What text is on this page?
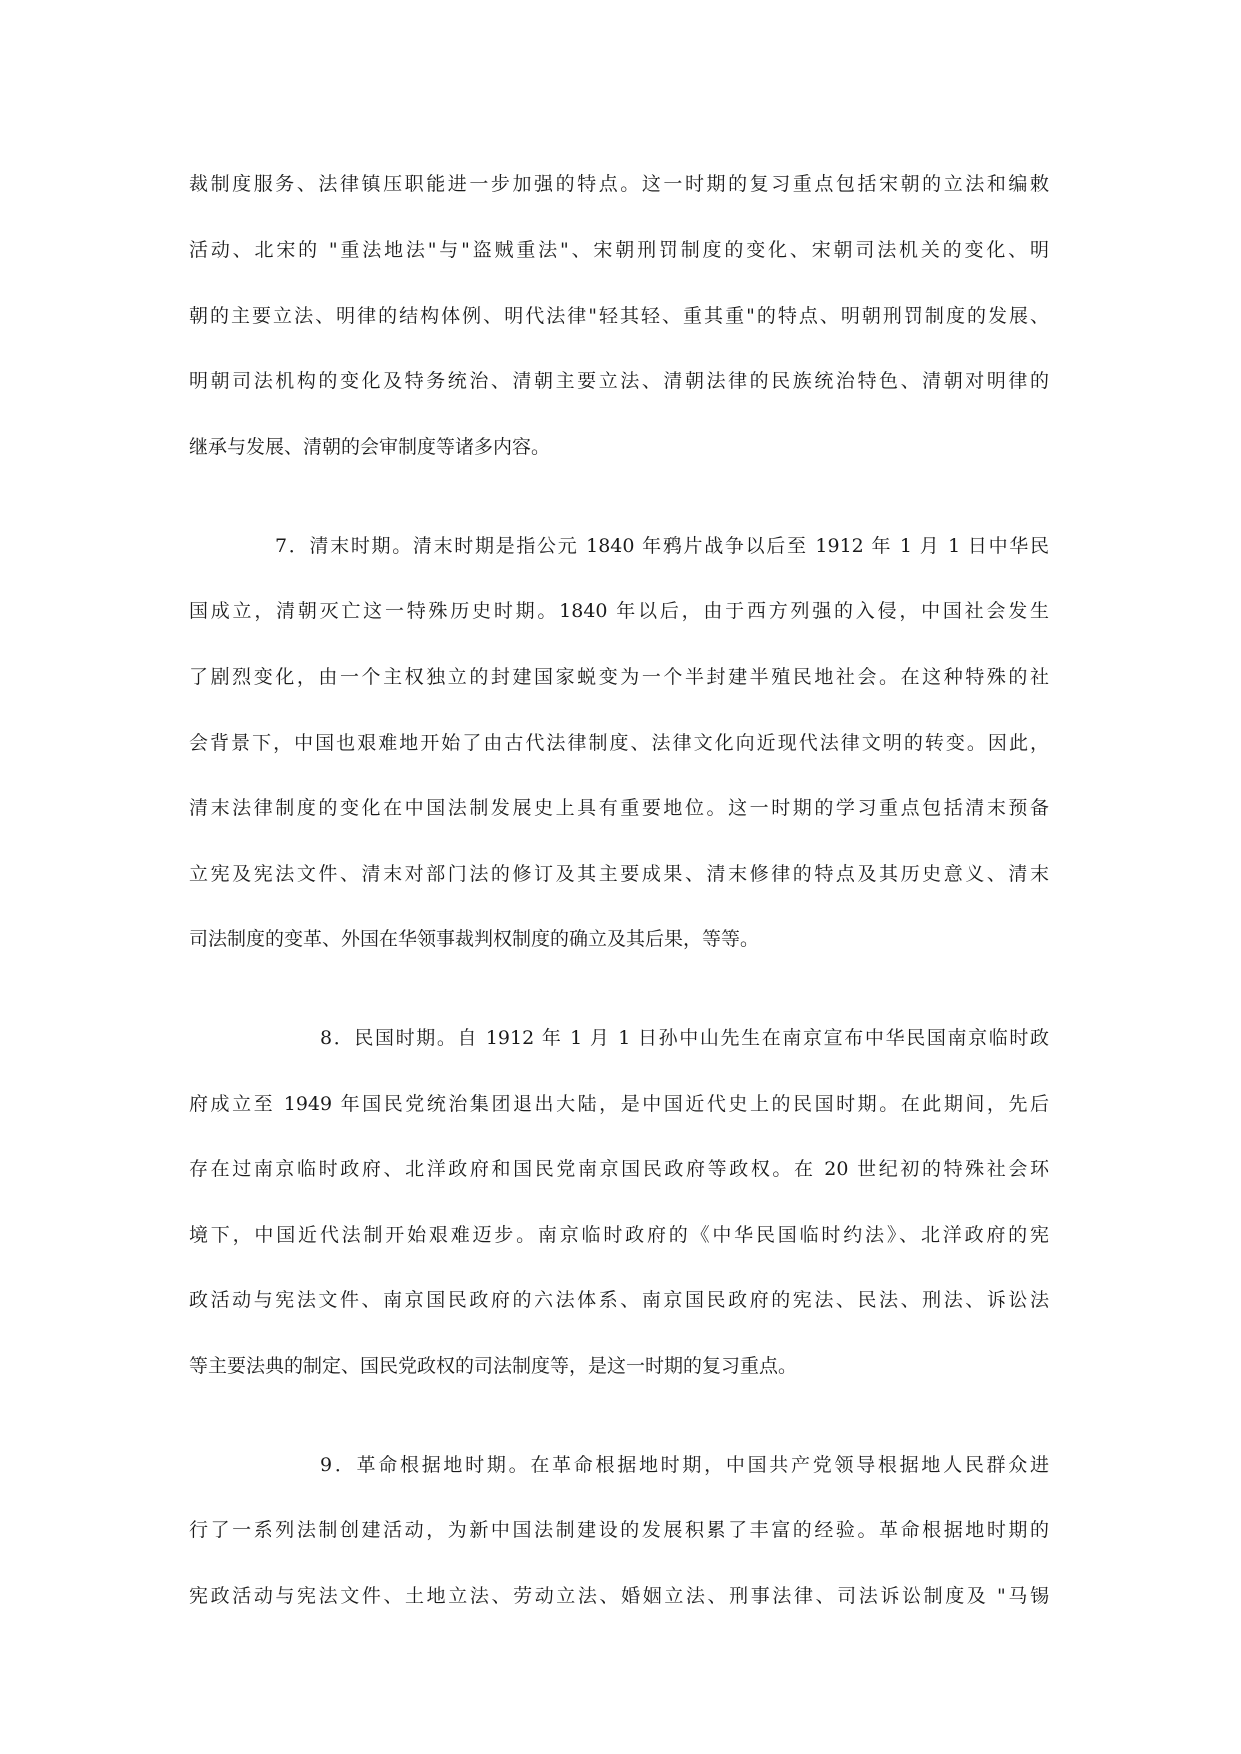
裁制度服务、法律镇压职能进一步加强的特点。这一时期的复习重点包括宋朝的立法和编敕
活动、北宋的 "重法地法"与"盗贼重法"、宋朝刑罚制度的变化、宋朝司法机关的变化、明
朝的主要立法、明律的结构体例、明代法律"轻其轻、重其重"的特点、明朝刑罚制度的发展、
明朝司法机构的变化及特务统治、清朝主要立法、清朝法律的民族统治特色、清朝对明律的
继承与发展、清朝的会审制度等诸多内容。
7．清末时期。清末时期是指公元 1840 年鸦片战争以后至 1912 年 1 月 1 日中华民
国成立，清朝灭亡这一特殊历史时期。1840 年以后，由于西方列强的入侵，中国社会发生
了剧烈变化，由一个主权独立的封建国家蜕变为一个半封建半殖民地社会。在这种特殊的社
会背景下，中国也艰难地开始了由古代法律制度、法律文化向近现代法律文明的转变。因此，
清末法律制度的变化在中国法制发展史上具有重要地位。这一时期的学习重点包括清末预备
立宪及宪法文件、清末对部门法的修订及其主要成果、清末修律的特点及其历史意义、清末
司法制度的变革、外国在华领事裁判权制度的确立及其后果，等等。
8．民国时期。自 1912 年 1 月 1 日孙中山先生在南京宣布中华民国南京临时政
府成立至 1949 年国民党统治集团退出大陆，是中国近代史上的民国时期。在此期间，先后
存在过南京临时政府、北洋政府和国民党南京国民政府等政权。在 20 世纪初的特殊社会环
境下，中国近代法制开始艰难迈步。南京临时政府的《中华民国临时约法》、北洋政府的宪
政活动与宪法文件、南京国民政府的六法体系、南京国民政府的宪法、民法、刑法、诉讼法
等主要法典的制定、国民党政权的司法制度等，是这一时期的复习重点。
9．革命根据地时期。在革命根据地时期，中国共产党领导根据地人民群众进
行了一系列法制创建活动，为新中国法制建设的发展积累了丰富的经验。革命根据地时期的
宪政活动与宪法文件、土地立法、劳动立法、婚姻立法、刑事法律、司法诉讼制度及 "马锡
